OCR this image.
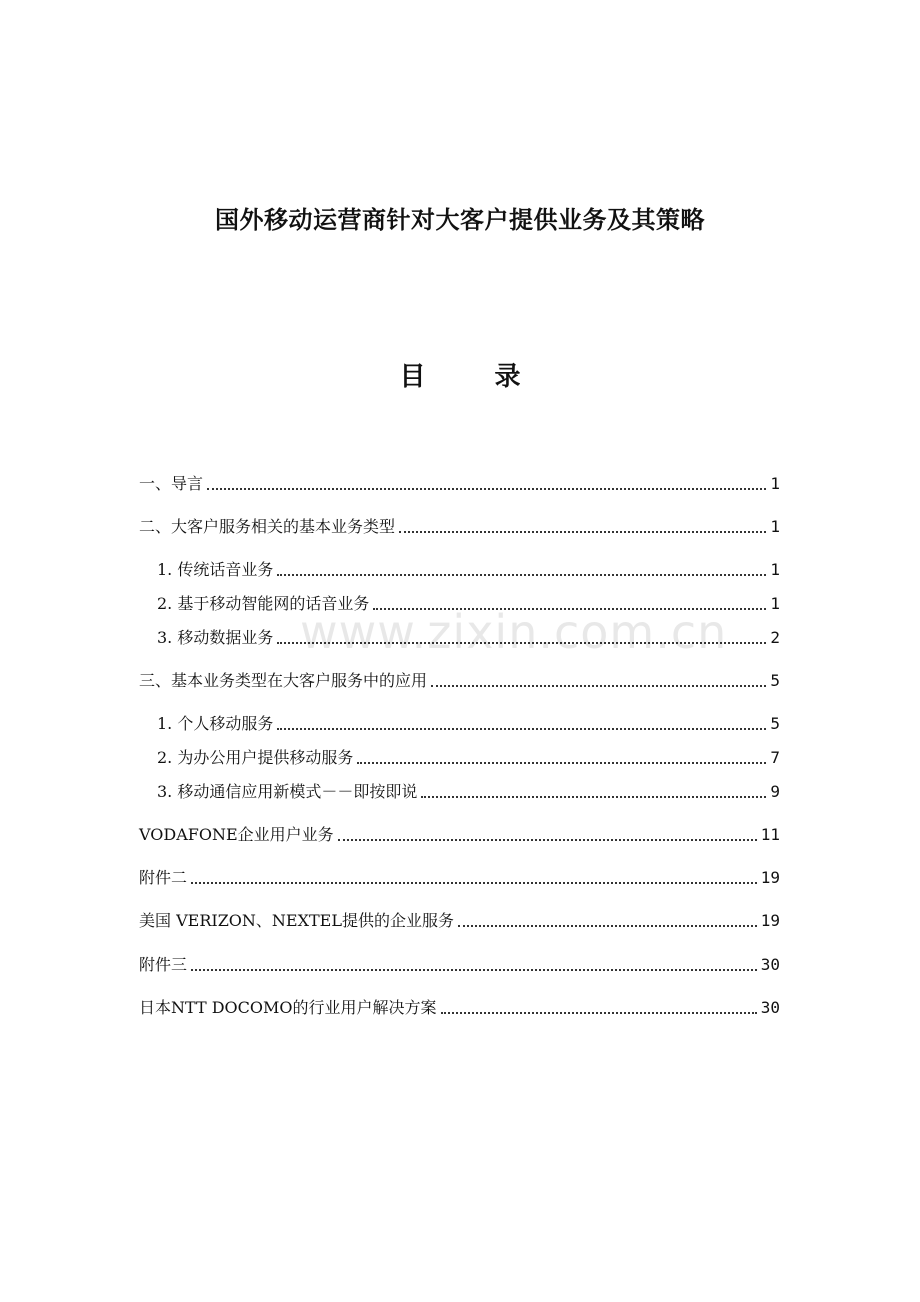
国外移动运营商针对大客户提供业务及其策略
目 录
www.zixin.com.cn
一、导言	1
二、大客户服务相关的基本业务类型	1
1. 传统话音业务	1
2. 基于移动智能网的话音业务	1
3. 移动数据业务	2
三、基本业务类型在大客户服务中的应用	5
1. 个人移动服务	5
2. 为办公用户提供移动服务	7
3. 移动通信应用新模式－－即按即说	9
VODAFONE企业用户业务	11
附件二	19
美国 VERIZON、NEXTEL提供的企业服务	19
附件三	30
日本NTT DOCOMO的行业用户解决方案	30
